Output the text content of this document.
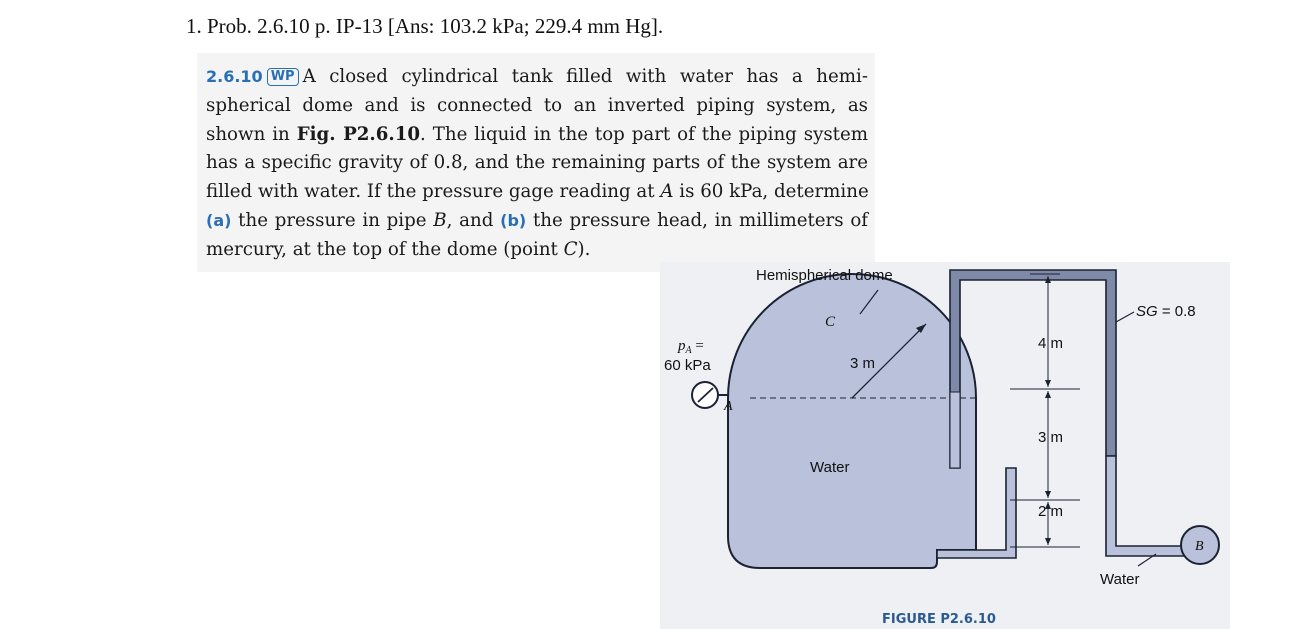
1. Prob. 2.6.10 p. IP-13 [Ans: 103.2 kPa; 229.4 mm Hg].
2.6.10 WP A closed cylindrical tank filled with water has a hemi-
spherical dome and is connected to an inverted piping system, as
shown in Fig. P2.6.10. The liquid in the top part of the piping system
has a specific gravity of 0.8, and the remaining parts of the system are
filled with water. If the pressure gage reading at A is 60 kPa, determine
(a) the pressure in pipe B, and (b) the pressure head, in millimeters of
mercury, at the top of the dome (point C).
Hemispherical dome
C
$p_A$ =
60 kPa
A
3 m
4 m
3 m
2 m
SG = 0.8
Water
Water
B
FIGURE P2.6.10
